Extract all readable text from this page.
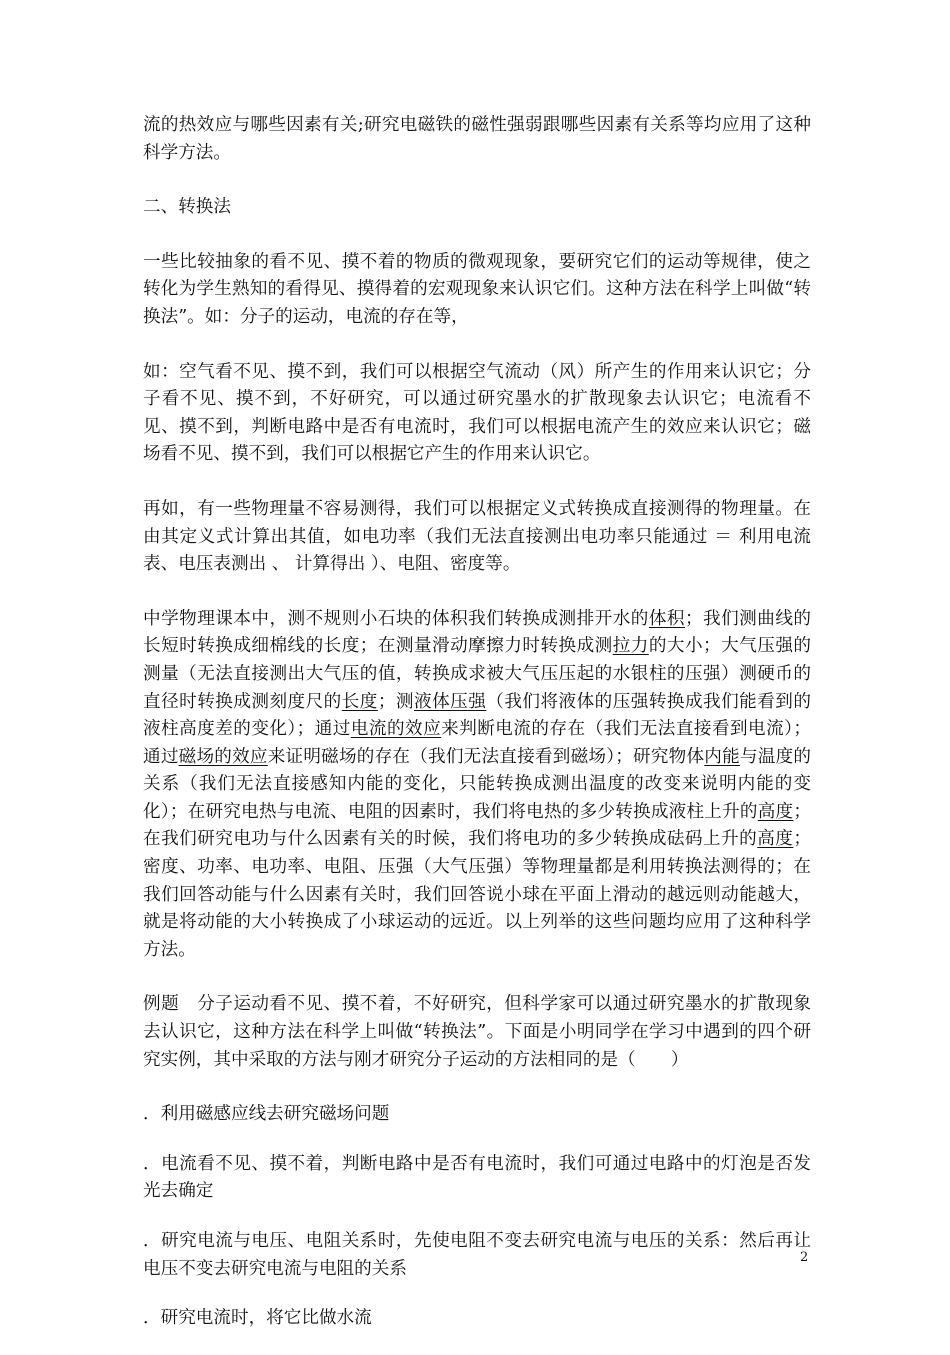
流的热效应与哪些因素有关;研究电磁铁的磁性强弱跟哪些因素有关系等均应用了这种科学方法。

二、转换法

一些比较抽象的看不见、摸不着的物质的微观现象，要研究它们的运动等规律，使之转化为学生熟知的看得见、摸得着的宏观现象来认识它们。这种方法在科学上叫做“转换法”。如：分子的运动，电流的存在等，

如：空气看不见、摸不到，我们可以根据空气流动（风）所产生的作用来认识它；分子看不见、摸不到，不好研究，可以通过研究墨水的扩散现象去认识它；电流看不见、摸不到，判断电路中是否有电流时，我们可以根据电流产生的效应来认识它；磁场看不见、摸不到，我们可以根据它产生的作用来认识它。

再如，有一些物理量不容易测得，我们可以根据定义式转换成直接测得的物理量。在由其定义式计算出其值，如电功率（我们无法直接测出电功率只能通过 ＝ 利用电流表、电压表测出 、 计算得出 ）、电阻、密度等。

中学物理课本中，测不规则小石块的体积我们转换成测排开水的体积；我们测曲线的长短时转换成细棉线的长度；在测量滑动摩擦力时转换成测拉力的大小；大气压强的测量（无法直接测出大气压的值，转换成求被大气压压起的水银柱的压强）测硬币的直径时转换成测刻度尺的长度；测液体压强（我们将液体的压强转换成我们能看到的液柱高度差的变化）；通过电流的效应来判断电流的存在（我们无法直接看到电流）；通过磁场的效应来证明磁场的存在（我们无法直接看到磁场）；研究物体内能与温度的关系（我们无法直接感知内能的变化，只能转换成测出温度的改变来说明内能的变化）；在研究电热与电流、电阻的因素时，我们将电热的多少转换成液柱上升的高度；在我们研究电功与什么因素有关的时候，我们将电功的多少转换成砝码上升的高度；密度、功率、电功率、电阻、压强（大气压强）等物理量都是利用转换法测得的；在我们回答动能与什么因素有关时，我们回答说小球在平面上滑动的越远则动能越大，就是将动能的大小转换成了小球运动的远近。以上列举的这些问题均应用了这种科学方法。

例题　分子运动看不见、摸不着，不好研究，但科学家可以通过研究墨水的扩散现象去认识它，这种方法在科学上叫做“转换法”。下面是小明同学在学习中遇到的四个研究实例，其中采取的方法与刚才研究分子运动的方法相同的是（　　）

．利用磁感应线去研究磁场问题

．电流看不见、摸不着，判断电路中是否有电流时，我们可通过电路中的灯泡是否发光去确定

．研究电流与电压、电阻关系时，先使电阻不变去研究电流与电压的关系：然后再让电压不变去研究电流与电阻的关系

．研究电流时，将它比做水流

2
